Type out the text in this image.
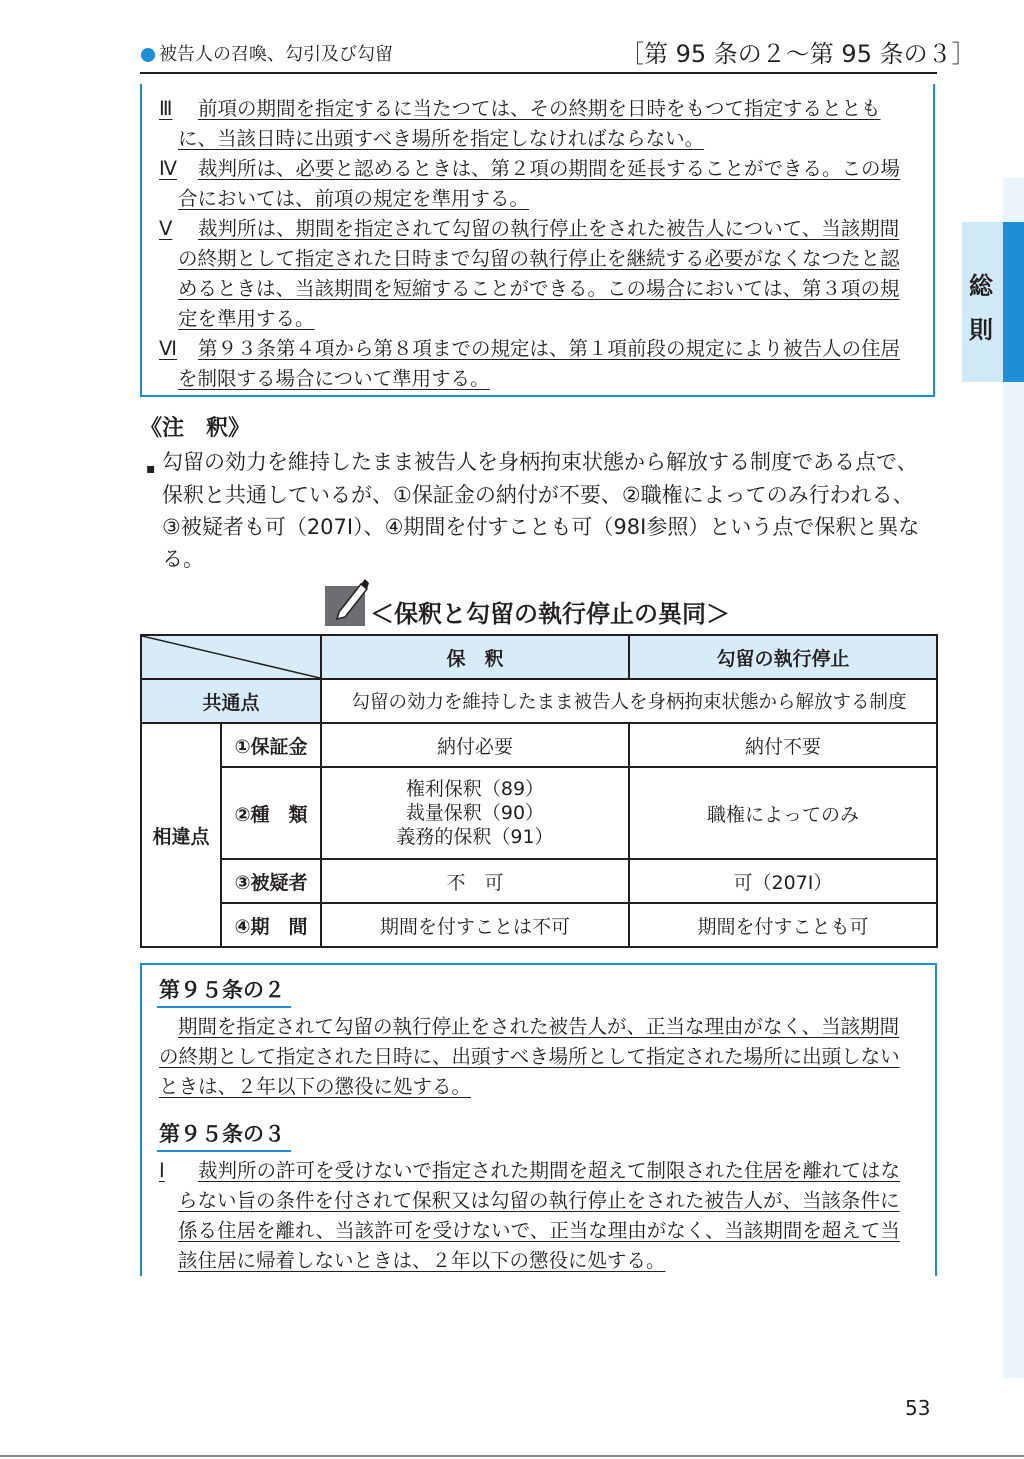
被告人の召喚、勾引及び勾留	［第 95 条の２～第 95 条の３］
総
則
Ⅲ 前項の期間を指定するに当たつては、その終期を日時をもつて指定するととも
に、当該日時に出頭すべき場所を指定しなければならない。
Ⅳ 裁判所は、必要と認めるときは、第２項の期間を延長することができる。この場
合においては、前項の規定を準用する。
Ⅴ 裁判所は、期間を指定されて勾留の執行停止をされた被告人について、当該期間
の終期として指定された日時まで勾留の執行停止を継続する必要がなくなつたと認
めるときは、当該期間を短縮することができる。この場合においては、第３項の規
定を準用する。
Ⅵ 第９３条第４項から第８項までの規定は、第１項前段の規定により被告人の住居
を制限する場合について準用する。
《注　釈》
▪ 勾留の効力を維持したまま被告人を身柄拘束状態から解放する制度である点で、
保釈と共通しているが、①保証金の納付が不要、②職権によってのみ行われる、
③被疑者も可（207Ⅰ）、④期間を付すことも可（98Ⅰ参照）という点で保釈と異な
る。
＜保釈と勾留の執行停止の異同＞
	保　釈	勾留の執行停止
共通点		勾留の効力を維持したまま被告人を身柄拘束状態から解放する制度	
相違点	①保証金	納付必要	納付不要
	②種　類	権利保釈（89）
裁量保釈（90）
義務的保釈（91）	職権によってのみ
	③被疑者	不　可	可（207Ⅰ）
	④期　間	期間を付すことは不可	期間を付すことも可
第９５条の２
期間を指定されて勾留の執行停止をされた被告人が、正当な理由がなく、当該期間
の終期として指定された日時に、出頭すべき場所として指定された場所に出頭しない
ときは、２年以下の懲役に処する。
第９５条の３
Ⅰ 裁判所の許可を受けないで指定された期間を超えて制限された住居を離れてはな
らない旨の条件を付されて保釈又は勾留の執行停止をされた被告人が、当該条件に
係る住居を離れ、当該許可を受けないで、正当な理由がなく、当該期間を超えて当
該住居に帰着しないときは、２年以下の懲役に処する。
53
